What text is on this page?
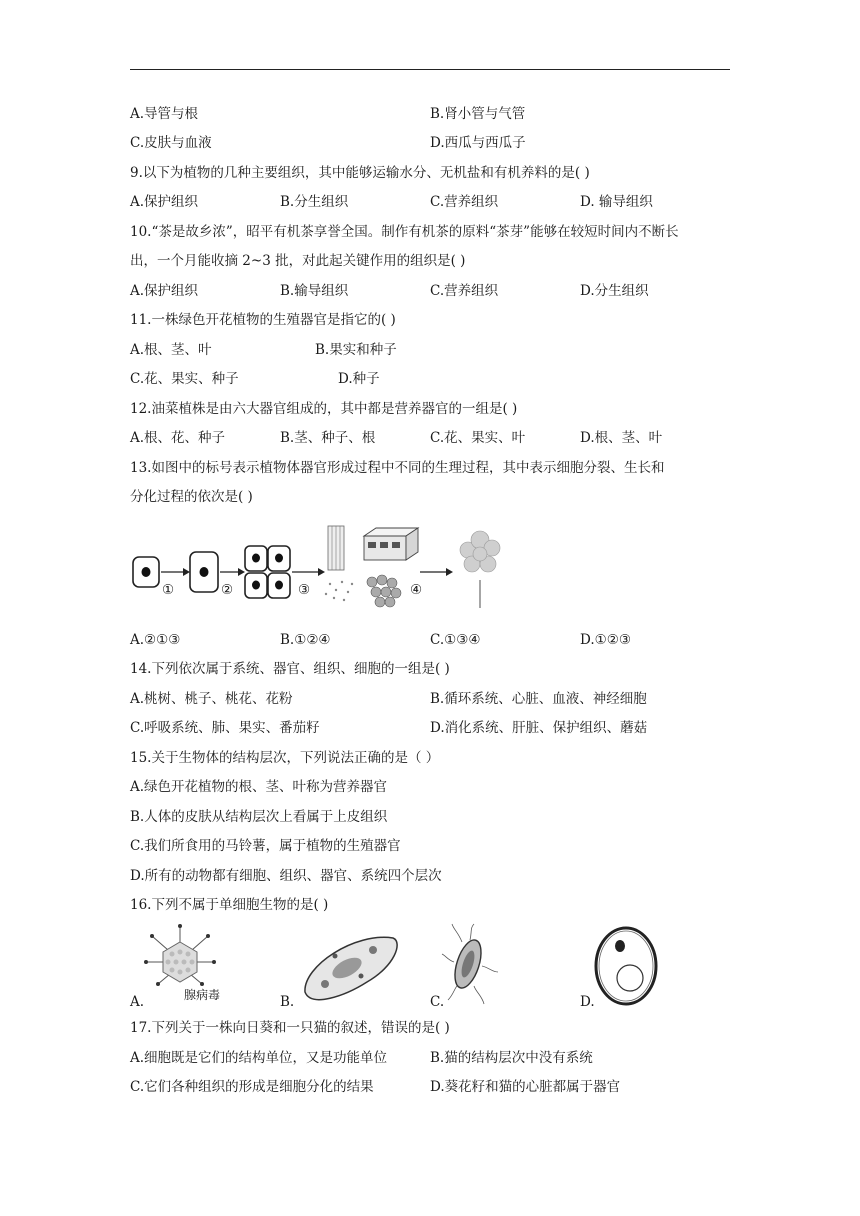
A.导管与根	B.肾小管与气管
C.皮肤与血液	D.西瓜与西瓜子
9.以下为植物的几种主要组织，其中能够运输水分、无机盐和有机养料的是( )
A.保护组织	B.分生组织	C.营养组织	D. 输导组织
10.“茶是故乡浓”，昭平有机茶享誉全国。制作有机茶的原料“茶芽”能够在较短时间内不断长
出，一个月能收摘 2~3 批，对此起关键作用的组织是( )
A.保护组织	B.输导组织	C.营养组织	D.分生组织
11.一株绿色开花植物的生殖器官是指它的( )
A.根、茎、叶	B.果实和种子
C.花、果实、种子	D.种子
12.油菜植株是由六大器官组成的，其中都是营养器官的一组是( )
A.根、花、种子	B.茎、种子、根	C.花、果实、叶	D.根、茎、叶
13.如图中的标号表示植物体器官形成过程中不同的生理过程，其中表示细胞分裂、生长和
分化过程的依次是( )
①	②	③	④
A.②①③	B.①②④	C.①③④	D.①②③
14.下列依次属于系统、器官、组织、细胞的一组是( )
A.桃树、桃子、桃花、花粉	B.循环系统、心脏、血液、神经细胞
C.呼吸系统、肺、果实、番茄籽	D.消化系统、肝脏、保护组织、蘑菇
15.关于生物体的结构层次，下列说法正确的是（ ）
A.绿色开花植物的根、茎、叶称为营养器官
B.人体的皮肤从结构层次上看属于上皮组织
C.我们所食用的马铃薯，属于植物的生殖器官
D.所有的动物都有细胞、组织、器官、系统四个层次
16.下列不属于单细胞生物的是( )
腺病毒
A.	B.	C.	D.
17.下列关于一株向日葵和一只猫的叙述，错误的是( )
A.细胞既是它们的结构单位，又是功能单位	B.猫的结构层次中没有系统
C.它们各种组织的形成是细胞分化的结果	D.葵花籽和猫的心脏都属于器官
